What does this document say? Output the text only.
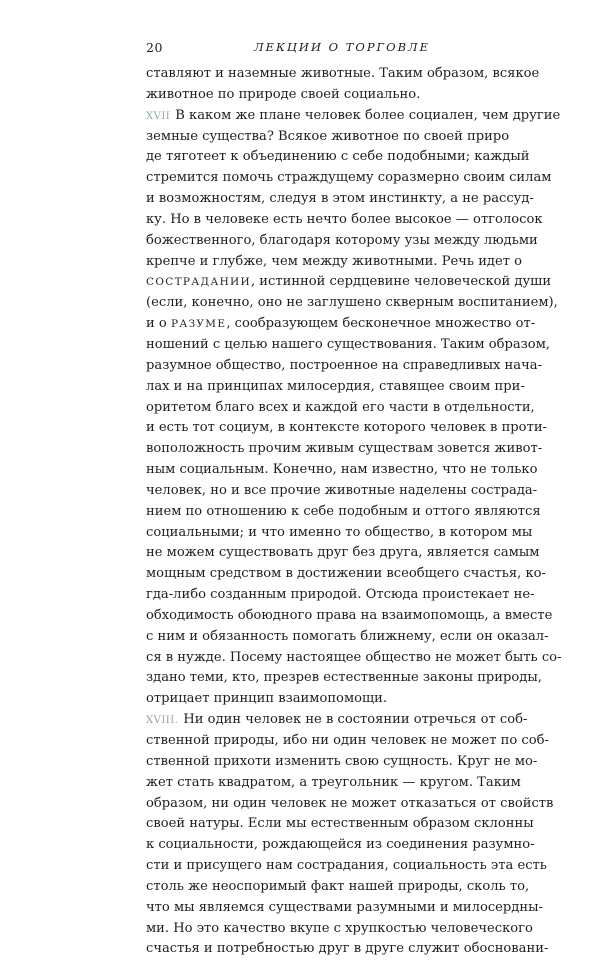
20	ЛЕКЦИИ О ТОРГОВЛЕ
ставляют и наземные животные. Таким образом, всякое
животное по природе своей социально.
XVII В каком же плане человек более социален, чем другие
земные существа? Всякое животное по своей приро
де тяготеет к объединению с себе подобными; каждый
стремится помочь страждущему соразмерно своим силам
и возможностям, следуя в этом инстинкту, а не рассуд-
ку. Но в человеке есть нечто более высокое — отголосок
божественного, благодаря которому узы между людьми
крепче и глубже, чем между животными. Речь идет о
СОСТРАДАНИИ, истинной сердцевине человеческой души
(если, конечно, оно не заглушено скверным воспитанием),
и о РАЗУМЕ, сообразующем бесконечное множество от-
ношений с целью нашего существования. Таким образом,
разумное общество, построенное на справедливых нача-
лах и на принципах милосердия, ставящее своим при-
оритетом благо всех и каждой его части в отдельности,
и есть тот социум, в контексте которого человек в проти-
воположность прочим живым существам зовется живот-
ным социальным. Конечно, нам известно, что не только
человек, но и все прочие животные наделены сострада-
нием по отношению к себе подобным и оттого являются
социальными; и что именно то общество, в котором мы
не можем существовать друг без друга, является самым
мощным средством в достижении всеобщего счастья, ко-
гда-либо созданным природой. Отсюда проистекает не-
обходимость обоюдного права на взаимопомощь, а вместе
с ним и обязанность помогать ближнему, если он оказал-
ся в нужде. Посему настоящее общество не может быть со-
здано теми, кто, презрев естественные законы природы,
отрицает принцип взаимопомощи.
XVIII. Ни один человек не в состоянии отречься от соб-
ственной природы, ибо ни один человек не может по соб-
ственной прихоти изменить свою сущность. Круг не мо-
жет стать квадратом, а треугольник — кругом. Таким
образом, ни один человек не может отказаться от свойств
своей натуры. Если мы естественным образом склонны
к социальности, рождающейся из соединения разумно-
сти и присущего нам сострадания, социальность эта есть
столь же неоспоримый факт нашей природы, сколь то,
что мы являемся существами разумными и милосердны-
ми. Но это качество вкупе с хрупкостью человеческого
счастья и потребностью друг в друге служит обосновани-
